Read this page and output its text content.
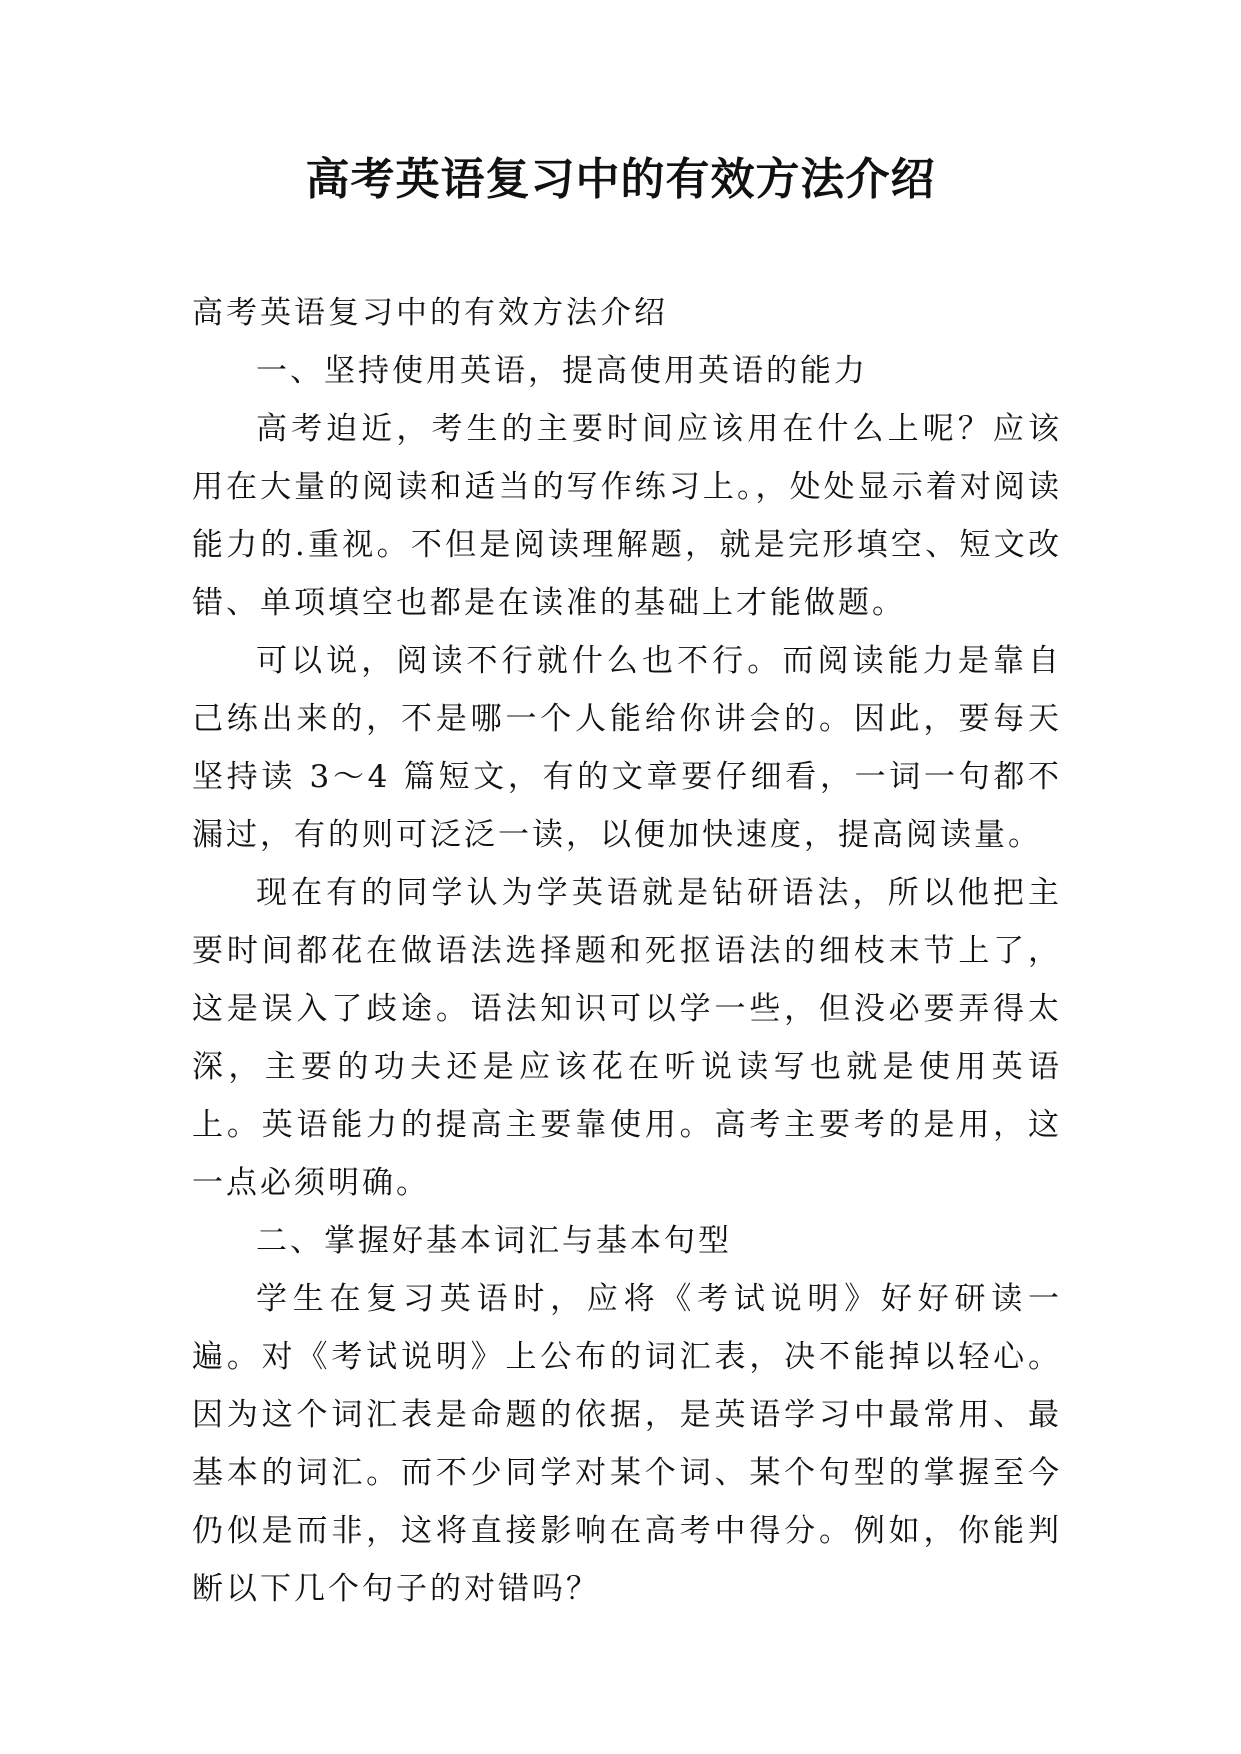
高考英语复习中的有效方法介绍

高考英语复习中的有效方法介绍

一、坚持使用英语，提高使用英语的能力

高考迫近，考生的主要时间应该用在什么上呢？应该用在大量的阅读和适当的写作练习上。，处处显示着对阅读能力的.重视。不但是阅读理解题，就是完形填空、短文改错、单项填空也都是在读准的基础上才能做题。

可以说，阅读不行就什么也不行。而阅读能力是靠自己练出来的，不是哪一个人能给你讲会的。因此，要每天坚持读 3～4 篇短文，有的文章要仔细看，一词一句都不漏过，有的则可泛泛一读，以便加快速度，提高阅读量。

现在有的同学认为学英语就是钻研语法，所以他把主要时间都花在做语法选择题和死抠语法的细枝末节上了，这是误入了歧途。语法知识可以学一些，但没必要弄得太深，主要的功夫还是应该花在听说读写也就是使用英语上。英语能力的提高主要靠使用。高考主要考的是用，这一点必须明确。

二、掌握好基本词汇与基本句型

学生在复习英语时，应将《考试说明》好好研读一遍。对《考试说明》上公布的词汇表，决不能掉以轻心。因为这个词汇表是命题的依据，是英语学习中最常用、最基本的词汇。而不少同学对某个词、某个句型的掌握至今仍似是而非，这将直接影响在高考中得分。例如，你能判断以下几个句子的对错吗？
